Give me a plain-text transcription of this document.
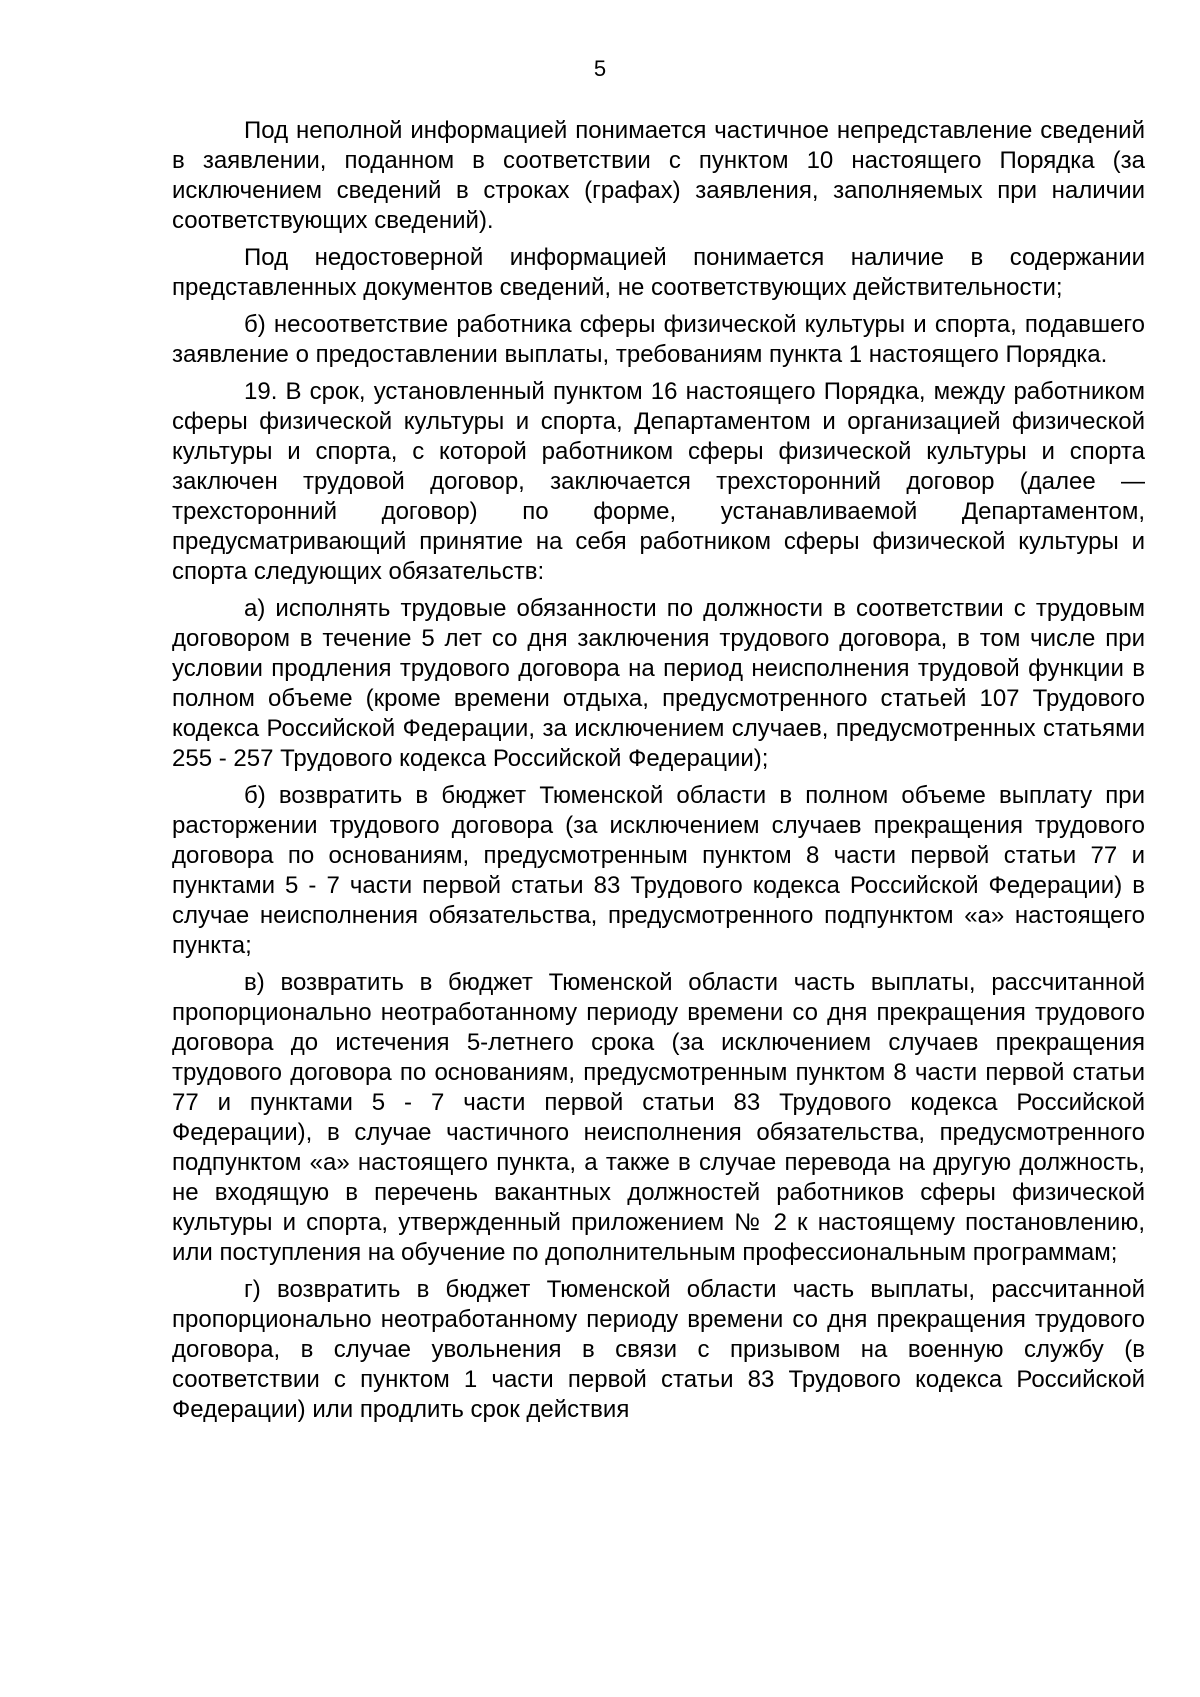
5

Под неполной информацией понимается частичное непредставление сведений в заявлении, поданном в соответствии с пунктом 10 настоящего Порядка (за исключением сведений в строках (графах) заявления, заполняемых при наличии соответствующих сведений).

Под недостоверной информацией понимается наличие в содержании представленных документов сведений, не соответствующих действительности;

б) несоответствие работника сферы физической культуры и спорта, подавшего заявление о предоставлении выплаты, требованиям пункта 1 настоящего Порядка.

19. В срок, установленный пунктом 16 настоящего Порядка, между работником сферы физической культуры и спорта, Департаментом и организацией физической культуры и спорта, с которой работником сферы физической культуры и спорта заключен трудовой договор, заключается трехсторонний договор (далее — трехсторонний договор) по форме, устанавливаемой Департаментом, предусматривающий принятие на себя работником сферы физической культуры и спорта следующих обязательств:

а) исполнять трудовые обязанности по должности в соответствии с трудовым договором в течение 5 лет со дня заключения трудового договора, в том числе при условии продления трудового договора на период неисполнения трудовой функции в полном объеме (кроме времени отдыха, предусмотренного статьей 107 Трудового кодекса Российской Федерации, за исключением случаев, предусмотренных статьями 255 - 257 Трудового кодекса Российской Федерации);

б) возвратить в бюджет Тюменской области в полном объеме выплату при расторжении трудового договора (за исключением случаев прекращения трудового договора по основаниям, предусмотренным пунктом 8 части первой статьи 77 и пунктами 5 - 7 части первой статьи 83 Трудового кодекса Российской Федерации) в случае неисполнения обязательства, предусмотренного подпунктом «а» настоящего пункта;

в) возвратить в бюджет Тюменской области часть выплаты, рассчитанной пропорционально неотработанному периоду времени со дня прекращения трудового договора до истечения 5-летнего срока (за исключением случаев прекращения трудового договора по основаниям, предусмотренным пунктом 8 части первой статьи 77 и пунктами 5 - 7 части первой статьи 83 Трудового кодекса Российской Федерации), в случае частичного неисполнения обязательства, предусмотренного подпунктом «а» настоящего пункта, а также в случае перевода на другую должность, не входящую в перечень вакантных должностей работников сферы физической культуры и спорта, утвержденный приложением № 2 к настоящему постановлению, или поступления на обучение по дополнительным профессиональным программам;

г) возвратить в бюджет Тюменской области часть выплаты, рассчитанной пропорционально неотработанному периоду времени со дня прекращения трудового договора, в случае увольнения в связи с призывом на военную службу (в соответствии с пунктом 1 части первой статьи 83 Трудового кодекса Российской Федерации) или продлить срок действия
